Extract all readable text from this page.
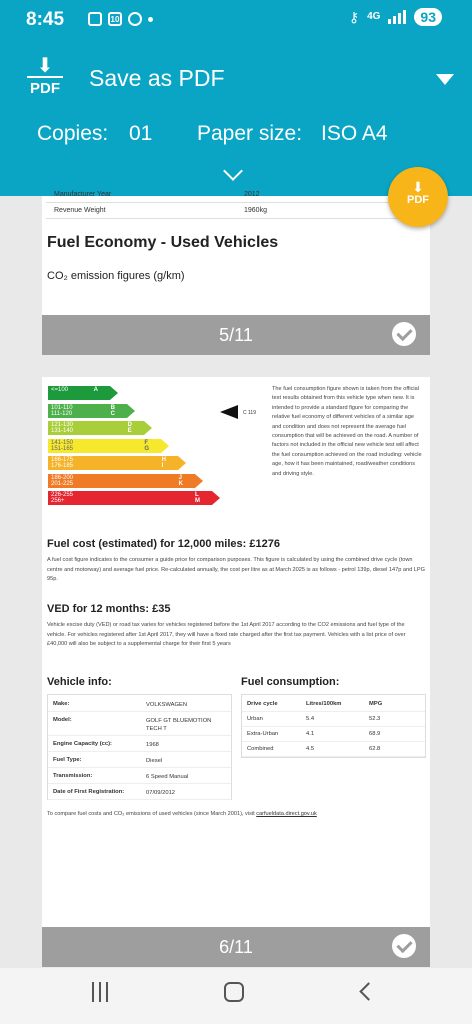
8:45	10	⚷ 4G	93
⬇
PDF Save as PDF
Copies: 01 Paper size: ISO A4
Manufacturer Year	2012
Revenue Weight	1960kg
Fuel Economy - Used Vehicles
CO₂ emission figures (g/km)
5/11
<=100	A
101-110
111-120
B
C
121-130
131-140
D
E
141-150
151-165
F
G
166-175
176-185
H
I
186-200
201-225
J
K
226-255
256+
L
M
C 119
The fuel consumption figure shown is taken from the official test results obtained from this vehicle type when new. It is intended to provide a standard figure for comparing the relative fuel economy of different vehicles of a similar age and condition and does not represent the average fuel consumption that will be achieved on the road. A number of factors not included in the official new vehicle test will affect the fuel consumption achieved on the road including: vehicle age, how it has been maintained, road/weather conditions and driving style.
Fuel cost (estimated) for 12,000 miles: £1276
A fuel cost figure indicates to the consumer a guide price for comparison purposes. This figure is calculated by using the combined drive cycle (town centre and motorway) and average fuel price. Re-calculated annually, the cost per litre as at March 2025 is as follows - petrol 139p, diesel 147p and LPG 95p.
VED for 12 months: £35
Vehicle excise duty (VED) or road tax varies for vehicles registered before the 1st April 2017 according to the CO2 emissions and fuel type of the vehicle. For vehicles registered after 1st April 2017, they will have a fixed rate charged after the first tax payment. Vehicles with a list price of over £40,000 will also be subject to a supplemental charge for their first 5 years
Vehicle info:
Make:	VOLKSWAGEN
Model:	GOLF GT BLUEMOTION
TECH T
Engine Capacity (cc):	1968
Fuel Type:	Diesel
Transmission:	6 Speed Manual
Date of First Registration:	07/09/2012
Fuel consumption:
Drive cycle	Litres/100km	MPG
Urban	5.4	52.3
Extra-Urban	4.1	68.9
Combined	4.5	62.8
To compare fuel costs and CO₂ emissions of used vehicles (since March 2001), visit carfueldata.direct.gov.uk
6/11
⬇
PDF
